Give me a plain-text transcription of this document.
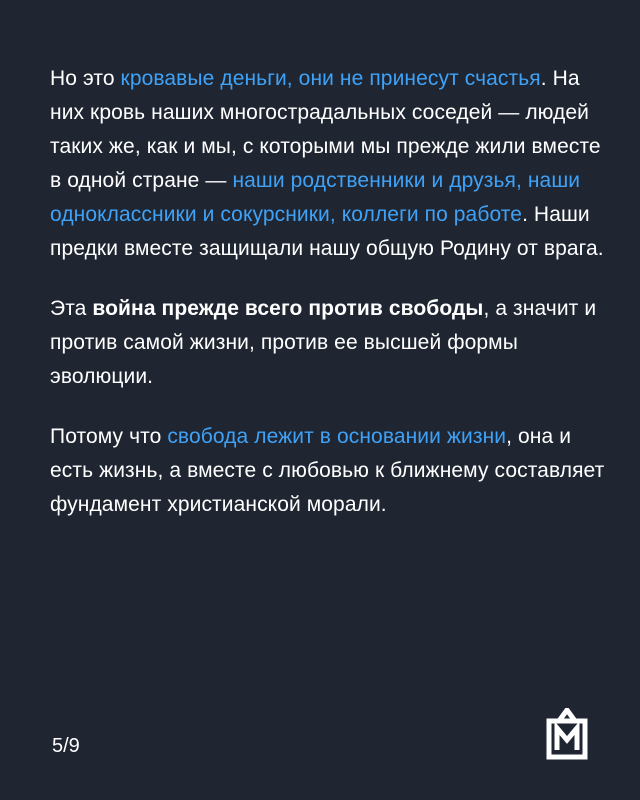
Но это кровавые деньги, они не принесут счастья. На них кровь наших многострадальных соседей — людей таких же, как и мы, с которыми мы прежде жили вместе в одной стране — наши родственники и друзья, наши одноклассники и сокурсники, коллеги по работе. Наши предки вместе защищали нашу общую Родину от врага.

Эта война прежде всего против свободы, а значит и против самой жизни, против ее высшей формы эволюции.

Потому что свобода лежит в основании жизни, она и есть жизнь, а вместе с любовью к ближнему составляет фундамент христианской морали.

5/9
